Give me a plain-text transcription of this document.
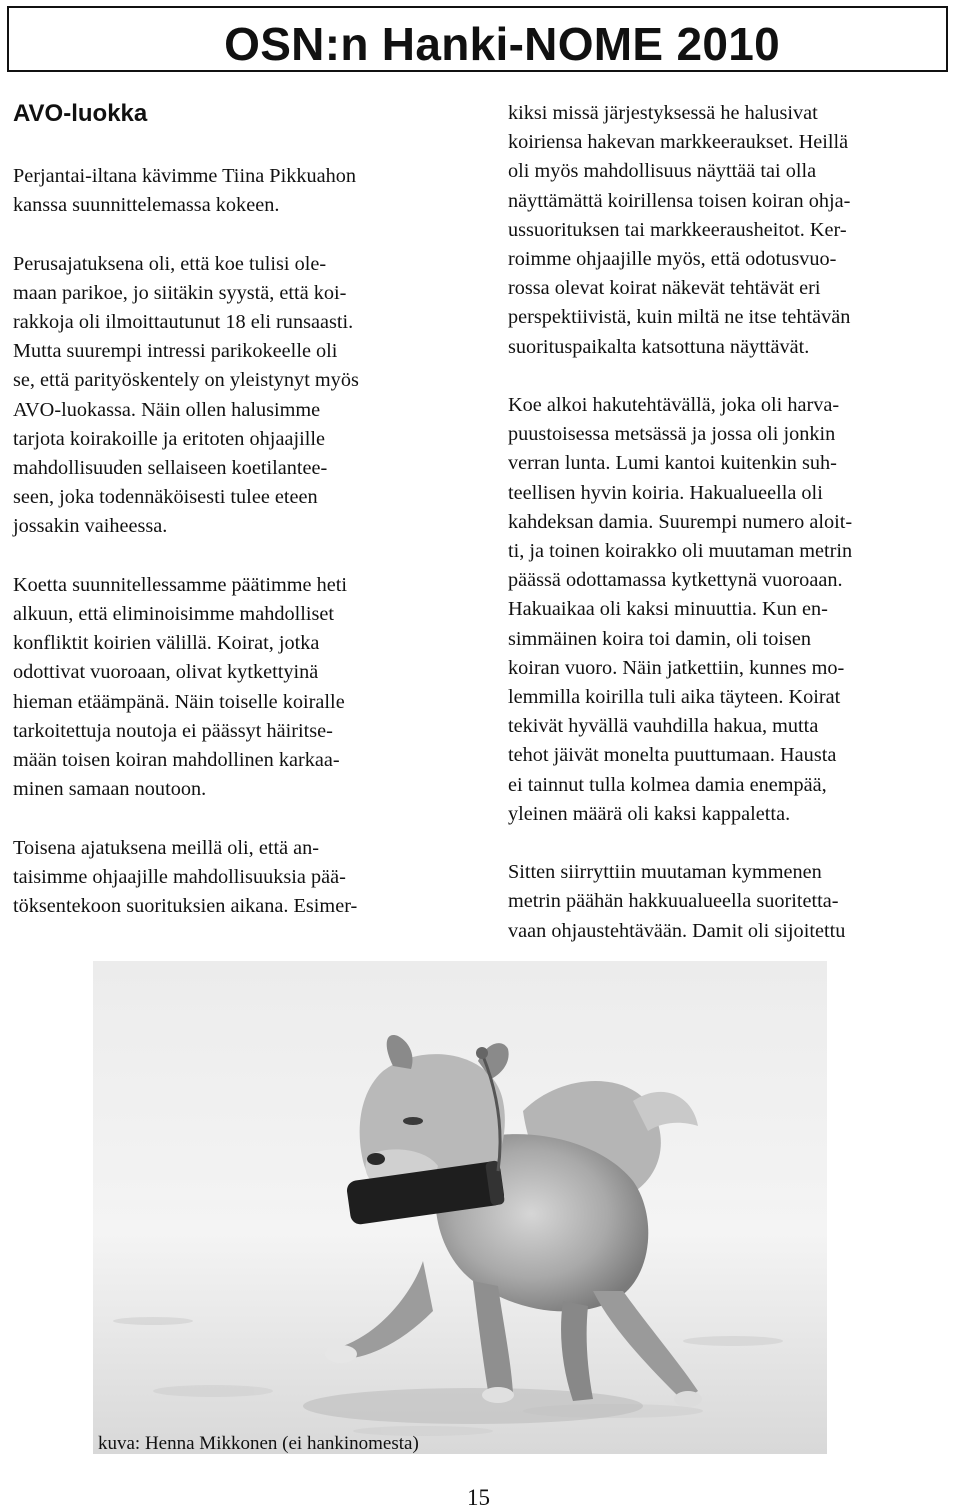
OSN:n Hanki-NOME 2010
AVO-luokka

Perjantai-iltana kävimme Tiina Pikkuahon
kanssa suunnittelemassa kokeen.

Perusajatuksena oli, että koe tulisi ole-
maan parikoe, jo siitäkin syystä, että koi-
rakkoja oli ilmoittautunut 18 eli runsaasti.
Mutta suurempi intressi parikokeelle oli
se, että parityöskentely on yleistynyt myös
AVO-luokassa. Näin ollen halusimme
tarjota koirakoille ja eritoten ohjaajille
mahdollisuuden sellaiseen koetilantee-
seen, joka todennäköisesti tulee eteen
jossakin vaiheessa.

Koetta suunnitellessamme päätimme heti
alkuun, että eliminoisimme mahdolliset
konfliktit koirien välillä. Koirat, jotka
odottivat vuoroaan, olivat kytkettyinä
hieman etäämpänä. Näin toiselle koiralle
tarkoitettuja noutoja ei päässyt häiritse-
mään toisen koiran mahdollinen karkaa-
minen samaan noutoon.

Toisena ajatuksena meillä oli, että an-
taisimme ohjaajille mahdollisuuksia pää-
töksentekoon suorituksien aikana. Esimer-

kiksi missä järjestyksessä he halusivat
koiriensa hakevan markkeeraukset. Heillä
oli myös mahdollisuus näyttää tai olla
näyttämättä koirillensa toisen koiran ohja-
ussuorituksen tai markkeerausheitot. Ker-
roimme ohjaajille myös, että odotusvuo-
rossa olevat koirat näkevät tehtävät eri
perspektiivistä, kuin miltä ne itse tehtävän
suorituspaikalta katsottuna näyttävät.

Koe alkoi hakutehtävällä, joka oli harva-
puustoisessa metsässä ja jossa oli jonkin
verran lunta. Lumi kantoi kuitenkin suh-
teellisen hyvin koiria. Hakualueella oli
kahdeksan damia. Suurempi numero aloit-
ti, ja toinen koirakko oli muutaman metrin
päässä odottamassa kytkettynä vuoroaan.
Hakuaikaa oli kaksi minuuttia. Kun en-
simmäinen koira toi damin, oli toisen
koiran vuoro. Näin jatkettiin, kunnes mo-
lemmilla koirilla tuli aika täyteen. Koirat
tekivät hyvällä vauhdilla hakua, mutta
tehot jäivät monelta puuttumaan. Hausta
ei tainnut tulla kolmea damia enempää,
yleinen määrä oli kaksi kappaletta.

Sitten siirryttiin muutaman kymmenen
metrin päähän hakkuualueella suoritetta-
vaan ohjaustehtävään. Damit oli sijoitettu

kuva: Henna Mikkonen (ei hankinomesta)
15
